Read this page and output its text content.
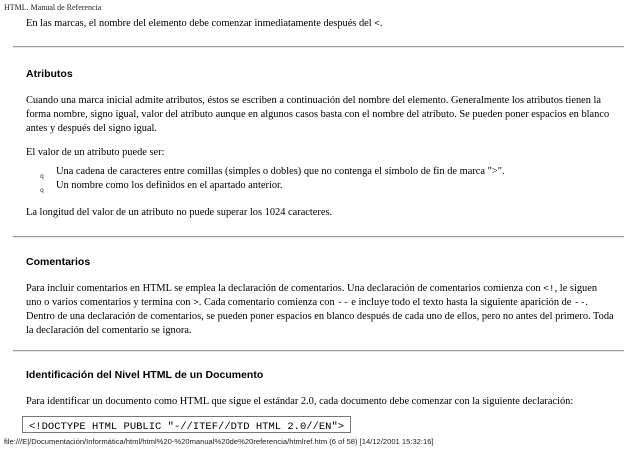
HTML. Manual de Referencia

En las marcas, el nombre del elemento debe comenzar inmediatamente después del <.

Atributos

Cuando una marca inicial admite atributos, éstos se escriben a continuación del nombre del elemento. Generalmente los atributos tienen la forma nombre, signo igual, valor del atributo aunque en algunos casos basta con el nombre del atributo. Se pueden poner espacios en blanco antes y después del signo igual.

El valor de un atributo puede ser:

q Una cadena de caracteres entre comillas (simples o dobles) que no contenga el símbolo de fin de marca ">".
q Un nombre como los definidos en el apartado anterior.

La longitud del valor de un atributo no puede superar los 1024 caracteres.

Comentarios

Para incluir comentarios en HTML se emplea la declaración de comentarios. Una declaración de comentarios comienza con <!, le siguen uno o varios comentarios y termina con >. Cada comentario comienza con -- e incluye todo el texto hasta la siguiente aparición de --. Dentro de una declaración de comentarios, se pueden poner espacios en blanco después de cada uno de ellos, pero no antes del primero. Toda la declaración del comentario se ignora.

Identificación del Nivel HTML de un Documento

Para identificar un documento como HTML que sigue el estándar 2.0, cada documento debe comenzar con la siguiente declaración:

<!DOCTYPE HTML PUBLIC "-//ITEF//DTD HTML 2.0//EN">
file:///E|/Documentación/Informática/html/html%20-%20manual%20de%20referencia/htmlref.htm (6 of 58) [14/12/2001 15:32:16]
